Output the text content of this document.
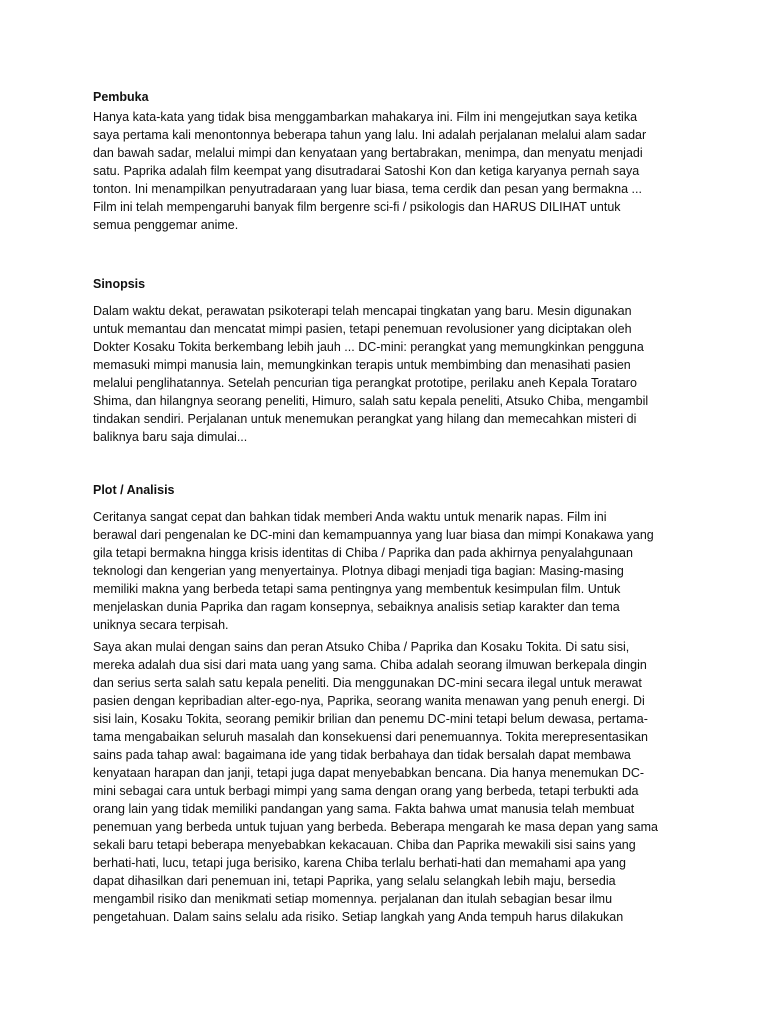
Pembuka
Hanya kata-kata yang tidak bisa menggambarkan mahakarya ini. Film ini mengejutkan saya ketika
saya pertama kali menontonnya beberapa tahun yang lalu. Ini adalah perjalanan melalui alam sadar
dan bawah sadar, melalui mimpi dan kenyataan yang bertabrakan, menimpa, dan menyatu menjadi
satu. Paprika adalah film keempat yang disutradarai Satoshi Kon dan ketiga karyanya pernah saya
tonton. Ini menampilkan penyutradaraan yang luar biasa, tema cerdik dan pesan yang bermakna ...
Film ini telah mempengaruhi banyak film bergenre sci-fi / psikologis dan HARUS DILIHAT untuk
semua penggemar anime.
Sinopsis
Dalam waktu dekat, perawatan psikoterapi telah mencapai tingkatan yang baru. Mesin digunakan
untuk memantau dan mencatat mimpi pasien, tetapi penemuan revolusioner yang diciptakan oleh
Dokter Kosaku Tokita berkembang lebih jauh ... DC-mini: perangkat yang memungkinkan pengguna
memasuki mimpi manusia lain, memungkinkan terapis untuk membimbing dan menasihati pasien
melalui penglihatannya. Setelah pencurian tiga perangkat prototipe, perilaku aneh Kepala Torataro
Shima, dan hilangnya seorang peneliti, Himuro, salah satu kepala peneliti, Atsuko Chiba, mengambil
tindakan sendiri. Perjalanan untuk menemukan perangkat yang hilang dan memecahkan misteri di
baliknya baru saja dimulai...
Plot / Analisis
Ceritanya sangat cepat dan bahkan tidak memberi Anda waktu untuk menarik napas. Film ini
berawal dari pengenalan ke DC-mini dan kemampuannya yang luar biasa dan mimpi Konakawa yang
gila tetapi bermakna hingga krisis identitas di Chiba / Paprika dan pada akhirnya penyalahgunaan
teknologi dan kengerian yang menyertainya. Plotnya dibagi menjadi tiga bagian: Masing-masing
memiliki makna yang berbeda tetapi sama pentingnya yang membentuk kesimpulan film. Untuk
menjelaskan dunia Paprika dan ragam konsepnya, sebaiknya analisis setiap karakter dan tema
uniknya secara terpisah.
Saya akan mulai dengan sains dan peran Atsuko Chiba / Paprika dan Kosaku Tokita. Di satu sisi,
mereka adalah dua sisi dari mata uang yang sama. Chiba adalah seorang ilmuwan berkepala dingin
dan serius serta salah satu kepala peneliti. Dia menggunakan DC-mini secara ilegal untuk merawat
pasien dengan kepribadian alter-ego-nya, Paprika, seorang wanita menawan yang penuh energi. Di
sisi lain, Kosaku Tokita, seorang pemikir brilian dan penemu DC-mini tetapi belum dewasa, pertama-
tama mengabaikan seluruh masalah dan konsekuensi dari penemuannya. Tokita merepresentasikan
sains pada tahap awal: bagaimana ide yang tidak berbahaya dan tidak bersalah dapat membawa
kenyataan harapan dan janji, tetapi juga dapat menyebabkan bencana. Dia hanya menemukan DC-
mini sebagai cara untuk berbagi mimpi yang sama dengan orang yang berbeda, tetapi terbukti ada
orang lain yang tidak memiliki pandangan yang sama. Fakta bahwa umat manusia telah membuat
penemuan yang berbeda untuk tujuan yang berbeda. Beberapa mengarah ke masa depan yang sama
sekali baru tetapi beberapa menyebabkan kekacauan. Chiba dan Paprika mewakili sisi sains yang
berhati-hati, lucu, tetapi juga berisiko, karena Chiba terlalu berhati-hati dan memahami apa yang
dapat dihasilkan dari penemuan ini, tetapi Paprika, yang selalu selangkah lebih maju, bersedia
mengambil risiko dan menikmati setiap momennya. perjalanan dan itulah sebagian besar ilmu
pengetahuan. Dalam sains selalu ada risiko. Setiap langkah yang Anda tempuh harus dilakukan
